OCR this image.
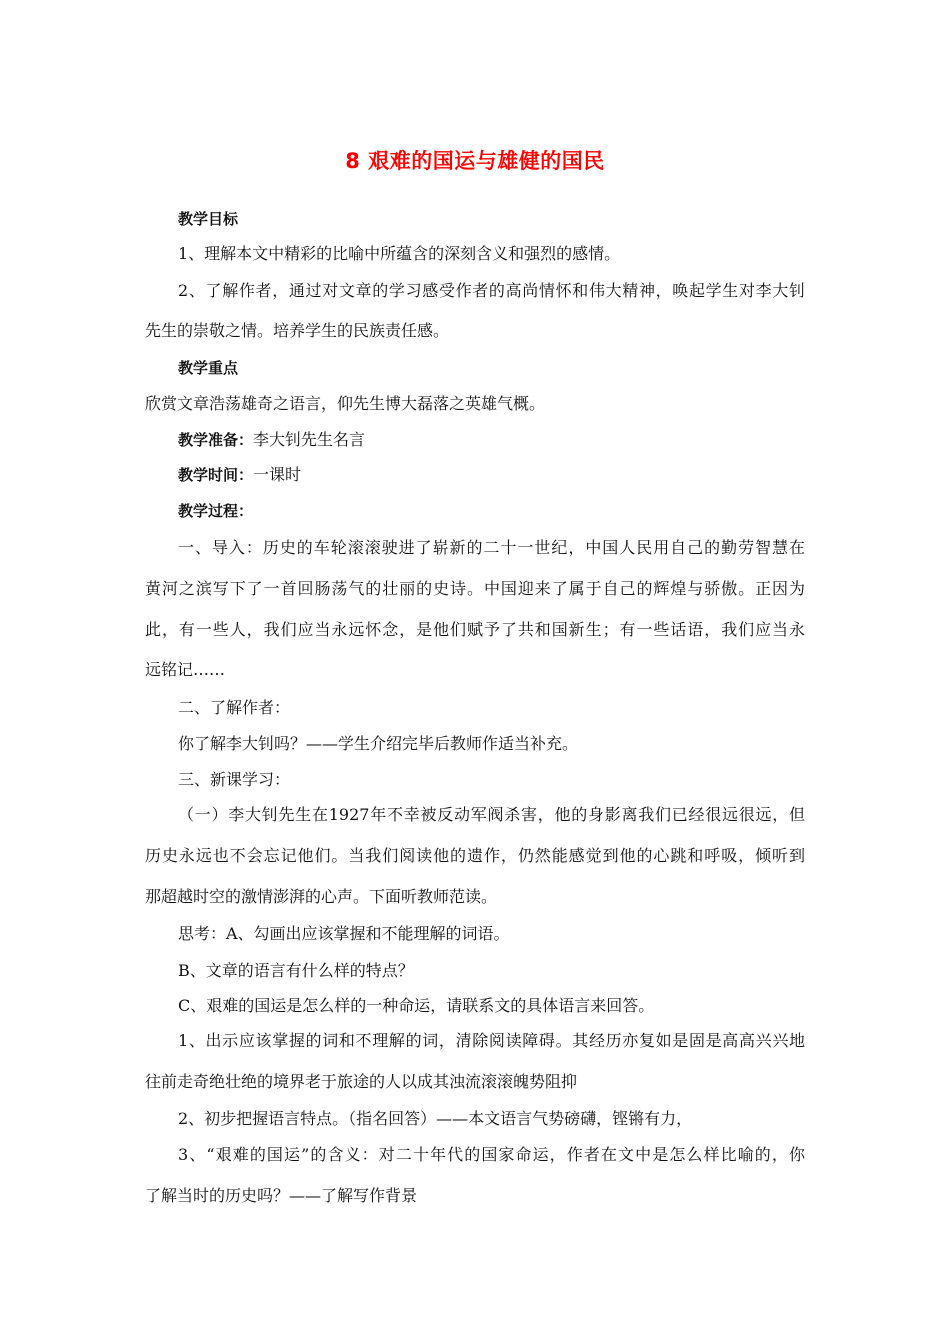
8 艰难的国运与雄健的国民
教学目标
1、理解本文中精彩的比喻中所蕴含的深刻含义和强烈的感情。
2、了解作者，通过对文章的学习感受作者的高尚情怀和伟大精神，唤起学生对李大钊
先生的崇敬之情。培养学生的民族责任感。
教学重点
欣赏文章浩荡雄奇之语言，仰先生博大磊落之英雄气概。
教学准备：李大钊先生名言
教学时间：一课时
教学过程：
一、导入：历史的车轮滚滚驶进了崭新的二十一世纪，中国人民用自己的勤劳智慧在
黄河之滨写下了一首回肠荡气的壮丽的史诗。中国迎来了属于自己的辉煌与骄傲。正因为
此，有一些人，我们应当永远怀念，是他们赋予了共和国新生；有一些话语，我们应当永
远铭记……
二、了解作者：
你了解李大钊吗？——学生介绍完毕后教师作适当补充。
三、新课学习：
（一）李大钊先生在1927年不幸被反动军阀杀害，他的身影离我们已经很远很远，但
历史永远也不会忘记他们。当我们阅读他的遗作，仍然能感觉到他的心跳和呼吸，倾听到
那超越时空的激情澎湃的心声。下面听教师范读。
思考：A、勾画出应该掌握和不能理解的词语。
B、文章的语言有什么样的特点？
C、艰难的国运是怎么样的一种命运，请联系文的具体语言来回答。
1、出示应该掌握的词和不理解的词，清除阅读障碍。其经历亦复如是固是高高兴兴地
往前走奇绝壮绝的境界老于旅途的人以成其浊流滚滚魄势阻抑
2、初步把握语言特点。（指名回答）——本文语言气势磅礴，铿锵有力，
3、“艰难的国运”的含义：对二十年代的国家命运，作者在文中是怎么样比喻的，你
了解当时的历史吗？——了解写作背景
